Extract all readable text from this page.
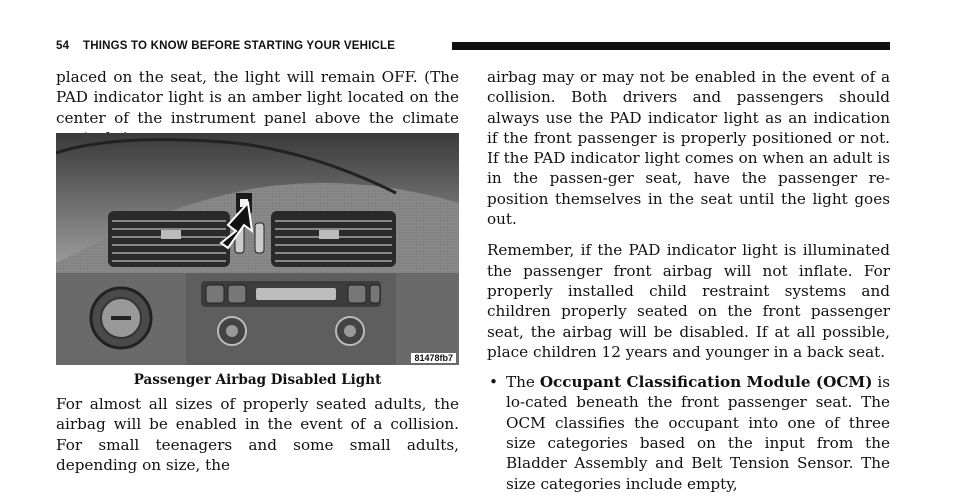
54 THINGS TO KNOW BEFORE STARTING YOUR VEHICLE

placed on the seat, the light will remain OFF. (The PAD indicator light is an amber light located on the center of the instrument panel above the climate

81478fb7
Passenger Airbag Disabled Light
For almost all sizes of properly seated adults, the airbag will be enabled in the event of a collision. For small teenagers and some small adults, depending on size, the

airbag may or may not be enabled in the event of a collision. Both drivers and passengers should always use the PAD indicator light as an indication if the front passenger is properly positioned or not. If the PAD indicator light comes on when an adult is in the passen-ger seat, have the passenger re-position themselves in the seat until the light goes out.

Remember, if the PAD indicator light is illuminated the passenger front airbag will not inflate. For properly installed child restraint systems and children properly seated on the front passenger seat, the airbag will be disabled. If at all possible, place children 12 years and younger in a back seat.

• The Occupant Classification Module (OCM) is lo-cated beneath the front passenger seat. The OCM classifies the occupant into one of three size categories based on the input from the Bladder Assembly and Belt Tension Sensor. The size categories include empty,
